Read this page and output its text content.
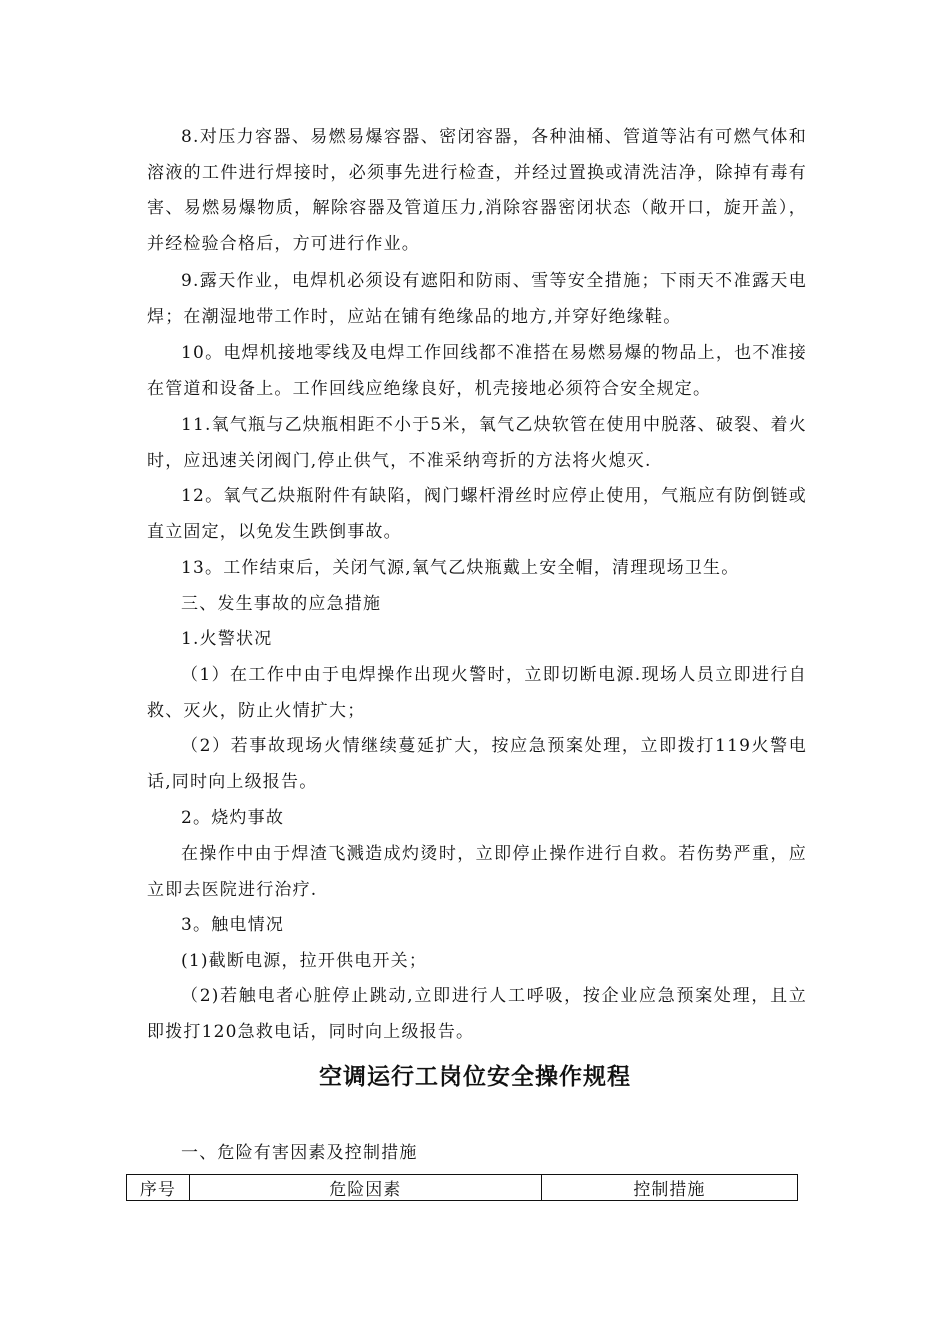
8.对压力容器、易燃易爆容器、密闭容器，各种油桶、管道等沾有可燃气体和溶液的工件进行焊接时，必须事先进行检查，并经过置换或清洗洁净，除掉有毒有害、易燃易爆物质，解除容器及管道压力,消除容器密闭状态（敞开口，旋开盖），并经检验合格后，方可进行作业。

9.露天作业，电焊机必须设有遮阳和防雨、雪等安全措施；下雨天不准露天电焊；在潮湿地带工作时，应站在铺有绝缘品的地方,并穿好绝缘鞋。

10。电焊机接地零线及电焊工作回线都不准搭在易燃易爆的物品上，也不准接在管道和设备上。工作回线应绝缘良好，机壳接地必须符合安全规定。

11.氧气瓶与乙炔瓶相距不小于5米，氧气乙炔软管在使用中脱落、破裂、着火时，应迅速关闭阀门,停止供气，不准采纳弯折的方法将火熄灭.

12。氧气乙炔瓶附件有缺陷，阀门螺杆滑丝时应停止使用，气瓶应有防倒链或直立固定，以免发生跌倒事故。

13。工作结束后，关闭气源,氧气乙炔瓶戴上安全帽，清理现场卫生。

三、发生事故的应急措施

1.火警状况

（1）在工作中由于电焊操作出现火警时，立即切断电源.现场人员立即进行自救、灭火，防止火情扩大；

（2）若事故现场火情继续蔓延扩大，按应急预案处理，立即拨打119火警电话,同时向上级报告。

2。烧灼事故

在操作中由于焊渣飞溅造成灼烫时，立即停止操作进行自救。若伤势严重，应立即去医院进行治疗.

3。触电情况

(1)截断电源，拉开供电开关；

（2)若触电者心脏停止跳动,立即进行人工呼吸，按企业应急预案处理，且立即拨打120急救电话，同时向上级报告。

空调运行工岗位安全操作规程

一、危险有害因素及控制措施

序号	危险因素	控制措施
